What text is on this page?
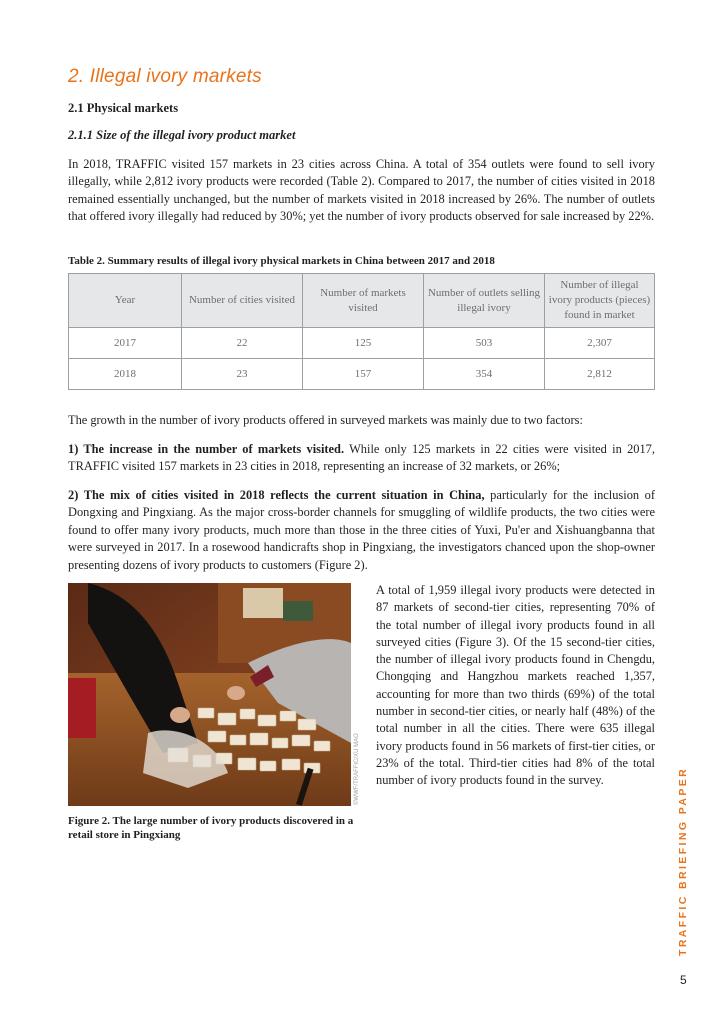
2. Illegal ivory markets
2.1 Physical markets
2.1.1 Size of the illegal ivory product market

In 2018, TRAFFIC visited 157 markets in 23 cities across China. A total of 354 outlets were found to sell ivory illegally, while 2,812 ivory products were recorded (Table 2). Compared to 2017, the number of cities visited in 2018 remained essentially unchanged, but the number of markets visited in 2018 increased by 26%. The number of outlets that offered ivory illegally had reduced by 30%; yet the number of ivory products observed for sale increased by 22%.

Table 2. Summary results of illegal ivory physical markets in China between 2017 and 2018
Year	Number of cities visited	Number of markets visited	Number of outlets selling illegal ivory	Number of illegal ivory products (pieces) found in market
2017	22	125	503	2,307
2018	23	157	354	2,812

The growth in the number of ivory products offered in surveyed markets was mainly due to two factors:

1) The increase in the number of markets visited. While only 125 markets in 22 cities were visited in 2017, TRAFFIC visited 157 markets in 23 cities in 2018, representing an increase of 32 markets, or 26%;

2) The mix of cities visited in 2018 reflects the current situation in China, particularly for the inclusion of Dongxing and Pingxiang. As the major cross-border channels for smuggling of wildlife products, the two cities were found to offer many ivory products, much more than those in the three cities of Yuxi, Pu'er and Xishuangbanna that were surveyed in 2017. In a rosewood handicrafts shop in Pingxiang, the investigators chanced upon the shop-owner presenting dozens of ivory products to customers (Figure 2).

©WWF/TRAFFIC/XU MAO
Figure 2. The large number of ivory products discovered in a retail store in Pingxiang

A total of 1,959 illegal ivory products were detected in 87 markets of second-tier cities, representing 70% of the total number of illegal ivory products found in all surveyed cities (Figure 3). Of the 15 second-tier cities, the number of illegal ivory products found in Chengdu, Chongqing and Hangzhou markets reached 1,357, accounting for more than two thirds (69%) of the total number in second-tier cities, or nearly half (48%) of the total number in all the cities. There were 635 illegal ivory products found in 56 markets of first-tier cities, or 23% of the total. Third-tier cities had 8% of the total number of ivory products found in the survey.	TRAFFIC BRIEFING PAPER
5
